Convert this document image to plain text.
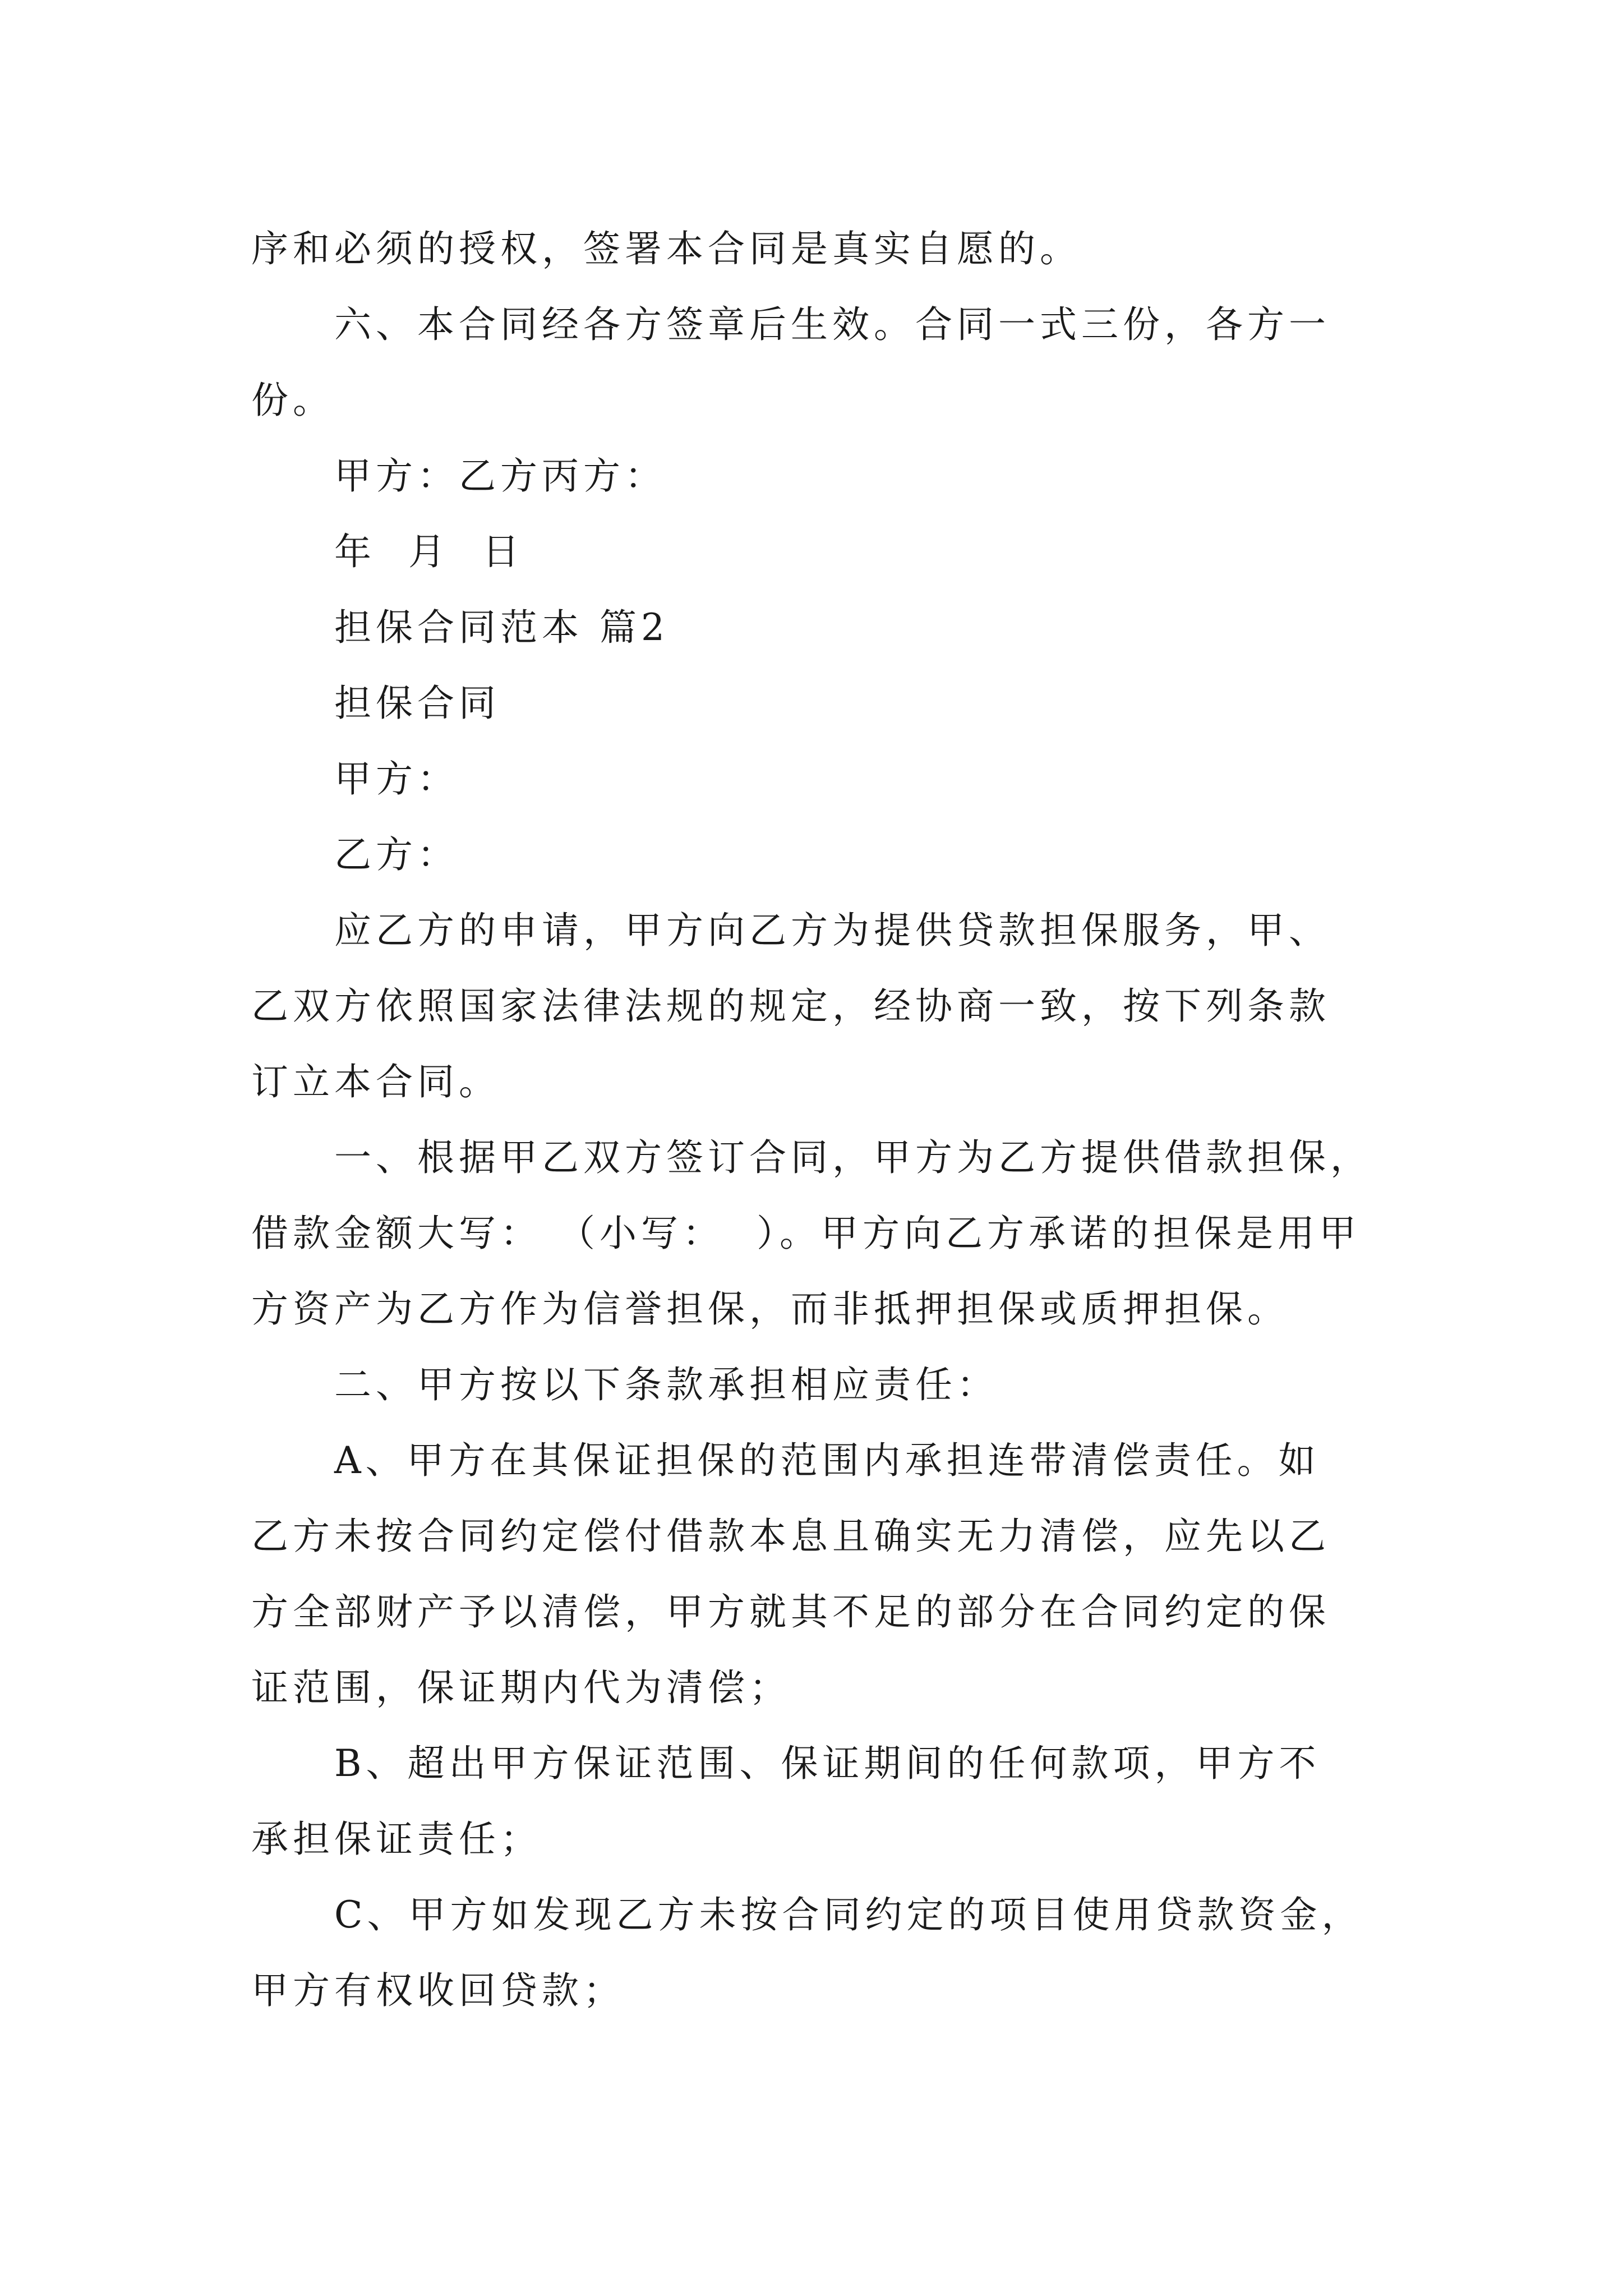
序和必须的授权，签署本合同是真实自愿的。

六、本合同经各方签章后生效。合同一式三份，各方一
份。

甲方：乙方丙方：

年  月  日

担保合同范本 篇2

担保合同

甲方：

乙方：

应乙方的申请，甲方向乙方为提供贷款担保服务，甲、
乙双方依照国家法律法规的规定，经协商一致，按下列条款
订立本合同。

一、根据甲乙双方签订合同，甲方为乙方提供借款担保，
借款金额大写： （小写：  ）。甲方向乙方承诺的担保是用甲
方资产为乙方作为信誉担保，而非抵押担保或质押担保。

二、甲方按以下条款承担相应责任：

A、甲方在其保证担保的范围内承担连带清偿责任。如
乙方未按合同约定偿付借款本息且确实无力清偿，应先以乙
方全部财产予以清偿，甲方就其不足的部分在合同约定的保
证范围，保证期内代为清偿；

B、超出甲方保证范围、保证期间的任何款项，甲方不
承担保证责任；

C、甲方如发现乙方未按合同约定的项目使用贷款资金，
甲方有权收回贷款；
